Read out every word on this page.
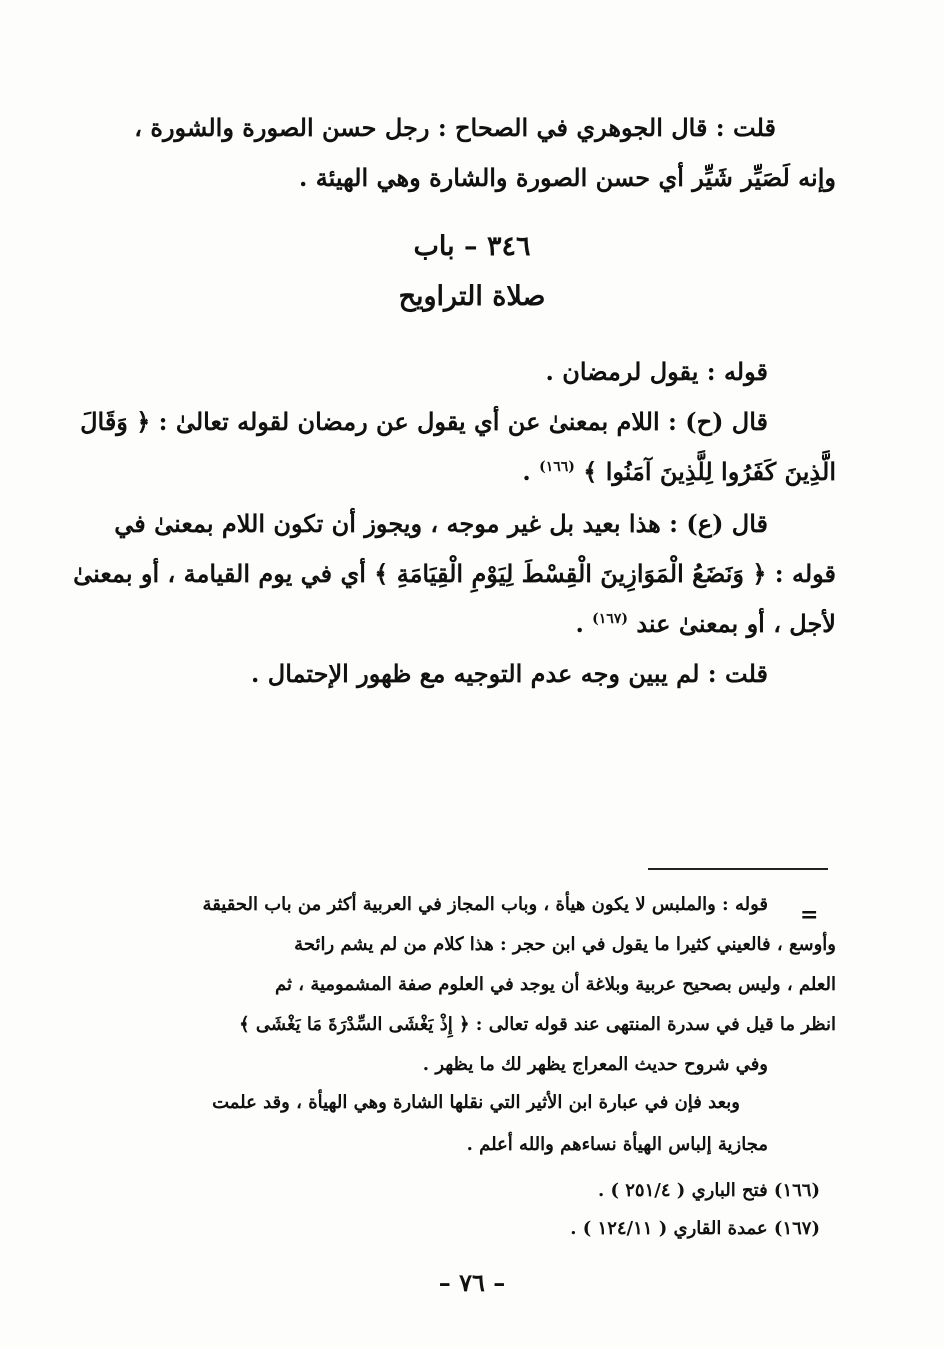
قلت : قال الجوهري في الصحاح : رجل حسن الصورة والشورة ،
وإنه لَصَيِّر شَيِّر أي حسن الصورة والشارة وهي الهيئة .
٣٤٦ – باب
صلاة التراويح
قوله : يقول لرمضان .
قال (ح) : اللام بمعنىٰ عن أي يقول عن رمضان لقوله تعالىٰ : ﴿ وَقَالَ
الَّذِينَ كَفَرُوا لِلَّذِينَ آمَنُوا ﴾ $^{(١٦٦)}$ .
قال (ع) : هذا بعيد بل غير موجه ، ويجوز أن تكون اللام بمعنىٰ في
قوله : ﴿ وَنَضَعُ الْمَوَازِينَ الْقِسْطَ لِيَوْمِ الْقِيَامَةِ ﴾ أي في يوم القيامة ، أو بمعنىٰ
لأجل ، أو بمعنىٰ عند $^{(١٦٧)}$ .
قلت : لم يبين وجه عدم التوجيه مع ظهور الإحتمال .
=
قوله : والملبس لا يكون هيأة ، وباب المجاز في العربية أكثر من باب الحقيقة
وأوسع ، فالعيني كثيرا ما يقول في ابن حجر : هذا كلام من لم يشم رائحة
العلم ، وليس بصحيح عربية وبلاغة أن يوجد في العلوم صفة المشمومية ، ثم
انظر ما قيل في سدرة المنتهى عند قوله تعالى : ﴿ إِذْ يَغْشَى السِّدْرَةَ مَا يَغْشَى ﴾
وفي شروح حديث المعراج يظهر لك ما يظهر .
وبعد فإن في عبارة ابن الأثير التي نقلها الشارة وهي الهيأة ، وقد علمت
مجازية إلباس الهيأة نساءهم والله أعلم .
(١٦٦) فتح الباري ( ٢٥١/٤ ) .
(١٦٧) عمدة القاري ( ١٢٤/١١ ) .
– ٧٦ –
